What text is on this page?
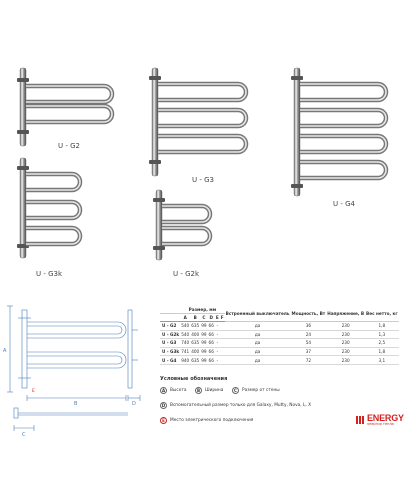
U - G2
U - G3
U - G4
U - G3k	U - G2k
A
B	D
C
E
	Размер, мм						Встроенный выключатель	Мощность, Вт	Напряжение, В	Вес нетто, кг
	A	B	C	D	E	F				
U - G2	540	635	99	66	-		да	36	230	1,8
U - G2k	540	400	99	66	-		да	24	230	1,3
U - G3	740	635	99	66	-		да	54	230	2,5
U - G3k	741	400	99	66	-		да	37	230	1,8
U - G4	940	635	99	66	-		да	72	230	3,1
Условные обозначения
A	Высота	B	Ширина	C	Размер от стены
D	Вспомогательный размер только для Galaxy, Mutty, Nova, L, X
E	Место электрического подключения	ENERGY
энергия тепла
